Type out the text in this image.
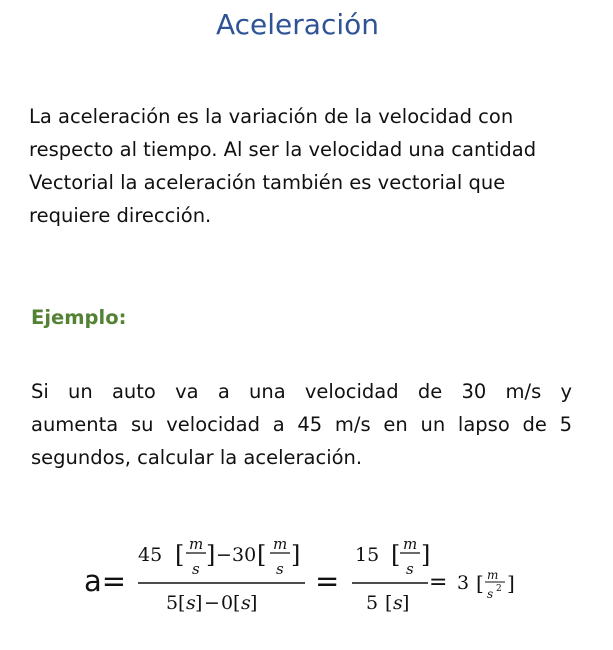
Aceleración

La aceleración es la variación de la velocidad con
respecto al tiempo. Al ser la velocidad una cantidad
Vectorial la aceleración también es vectorial que
requiere dirección.

Ejemplo:

Si un auto va a una velocidad de 30 m/s y
aumenta su velocidad a 45 m/s en un lapso de 5
segundos, calcular la aceleración.

a=
45 [ m
s ] − 30 [ m
s ]
5 [ s ] − 0 [ s ]
=
15 [ m
s ]
5 [ s ]
= 3 [ m
s 2 ]
